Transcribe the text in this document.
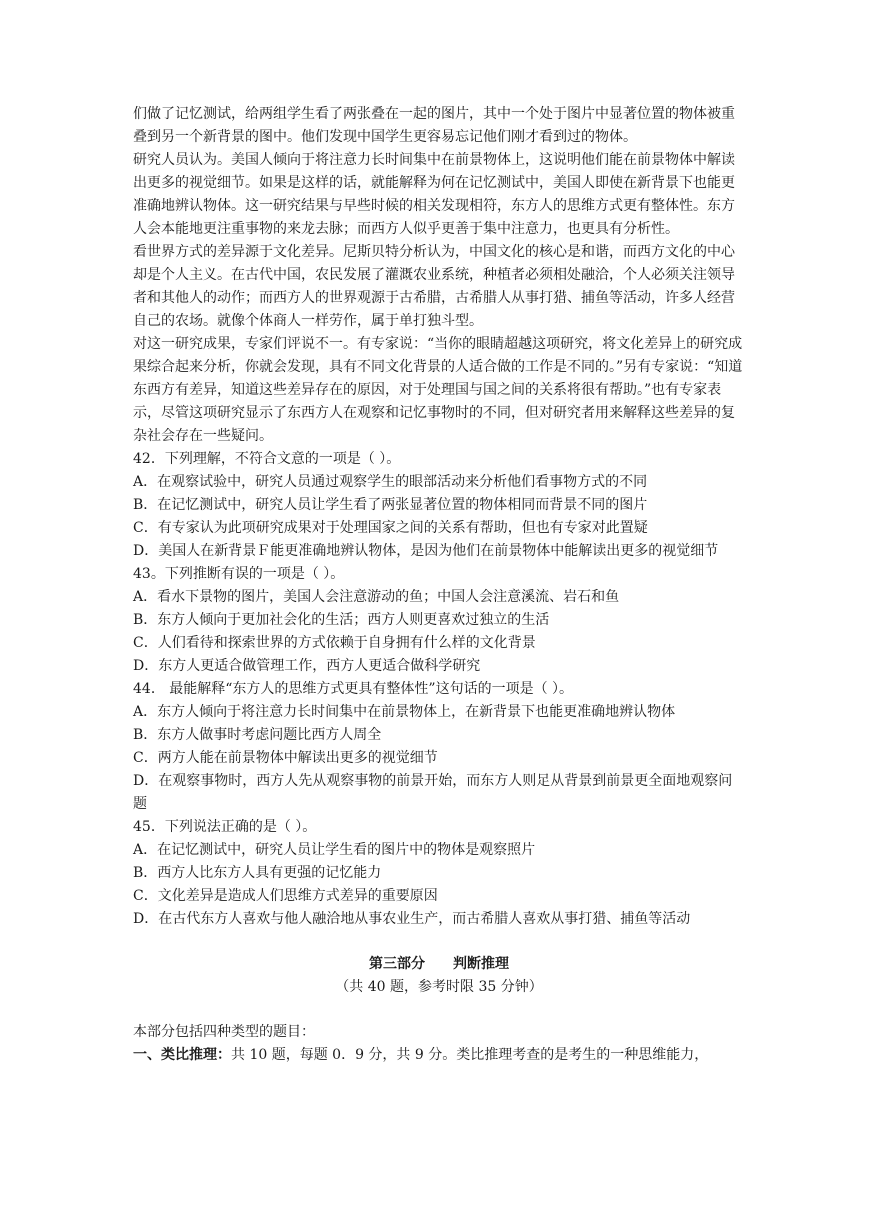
们做了记忆测试，给两组学生看了两张叠在一起的图片，其中一个处于图片中显著位置的物体被重叠到另一个新背景的图中。他们发现中国学生更容易忘记他们刚才看到过的物体。

研究人员认为。美国人倾向于将注意力长时间集中在前景物体上，这说明他们能在前景物体中解读出更多的视觉细节。如果是这样的话，就能解释为何在记忆测试中，美国人即使在新背景下也能更准确地辨认物体。这一研究结果与早些时候的相关发现相符，东方人的思维方式更有整体性。东方人会本能地更注重事物的来龙去脉；而西方人似乎更善于集中注意力，也更具有分析性。

看世界方式的差异源于文化差异。尼斯贝特分析认为，中国文化的核心是和谐，而西方文化的中心却是个人主义。在古代中国，农民发展了灌溉农业系统，种植者必须相处融洽，个人必须关注领导者和其他人的动作；而西方人的世界观源于古希腊，古希腊人从事打猎、捕鱼等活动，许多人经营自己的农场。就像个体商人一样劳作，属于单打独斗型。

对这一研究成果，专家们评说不一。有专家说：“当你的眼睛超越这项研究，将文化差异上的研究成果综合起来分析，你就会发现，具有不同文化背景的人适合做的工作是不同的。”另有专家说：“知道东西方有差异，知道这些差异存在的原因，对于处理国与国之间的关系将很有帮助。”也有专家表示，尽管这项研究显示了东西方人在观察和记忆事物时的不同，但对研究者用来解释这些差异的复杂社会存在一些疑问。

42．下列理解，不符合文意的一项是（ ）。

A．在观察试验中，研究人员通过观察学生的眼部活动来分析他们看事物方式的不同

B．在记忆测试中，研究人员让学生看了两张显著位置的物体相同而背景不同的图片

C．有专家认为此项研究成果对于处理国家之间的关系有帮助，但也有专家对此置疑

D．美国人在新背景Ｆ能更准确地辨认物体，是因为他们在前景物体中能解读出更多的视觉细节

43。下列推断有误的一项是（ ）。

A．看水下景物的图片，美国人会注意游动的鱼；中国人会注意溪流、岩石和鱼

B．东方人倾向于更加社会化的生活；西方人则更喜欢过独立的生活

C．人们看待和探索世界的方式依赖于自身拥有什么样的文化背景

D．东方人更适合做管理工作，西方人更适合做科学研究

44． 最能解释“东方人的思维方式更具有整体性”这句话的一项是（ ）。

A．东方人倾向于将注意力长时间集中在前景物体上，在新背景下也能更准确地辨认物体

B．东方人做事时考虑问题比西方人周全

C．两方人能在前景物体中解读出更多的视觉细节

D．在观察事物时，西方人先从观察事物的前景开始，而东方人则足从背景到前景更全面地观察问题

45．下列说法正确的是（ ）。

A．在记忆测试中，研究人员让学生看的图片中的物体是观察照片

B．西方人比东方人具有更强的记忆能力

C．文化差异是造成人们思维方式差异的重要原因

D．在古代东方人喜欢与他人融洽地从事农业生产，而古希腊人喜欢从事打猎、捕鱼等活动

第三部分　　判断推理

（共 40 题，参考时限 35 分钟）

本部分包括四种类型的题目：

一、类比推理：共 10 题，每题 0．9 分，共 9 分。类比推理考查的是考生的一种思维能力，
